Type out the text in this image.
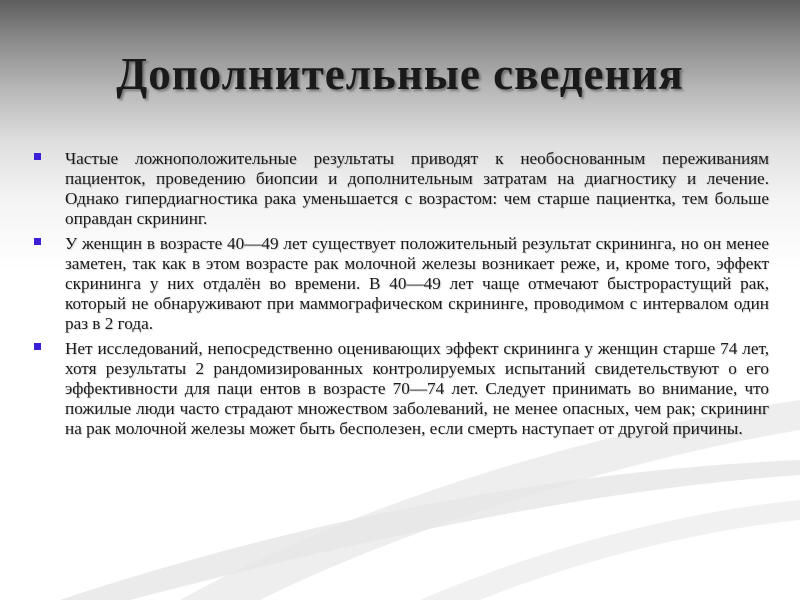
Дополнительные сведения

Частые ложноположительные результаты приводят к необоснованным переживаниям пациенток, проведению биопсии и дополнительным затратам на диагностику и лечение. Однако гипердиагностика рака уменьшается с возрастом: чем старше пациентка, тем больше оправдан скрининг.

У женщин в возрасте 40—49 лет существует положительный результат скрининга, но он менее заметен, так как в этом возрасте рак молочной железы возникает реже, и, кроме того, эффект скрининга у них отдалён во времени. В 40—49 лет чаще отмечают быстрорастущий рак, который не обнаруживают при маммографическом скрининге, проводимом с интервалом один раз в 2 года.

Нет исследований, непосредственно оценивающих эффект скрининга у женщин старше 74 лет, хотя результаты 2 рандомизированных контролируемых испытаний свидетельствуют о его эффективности для паци ентов в возрасте 70—74 лет. Следует принимать во внимание, что пожилые люди часто страдают множеством заболеваний, не менее опасных, чем рак; скрининг на рак молочной железы может быть бесполезен, если смерть наступает от другой причины.
